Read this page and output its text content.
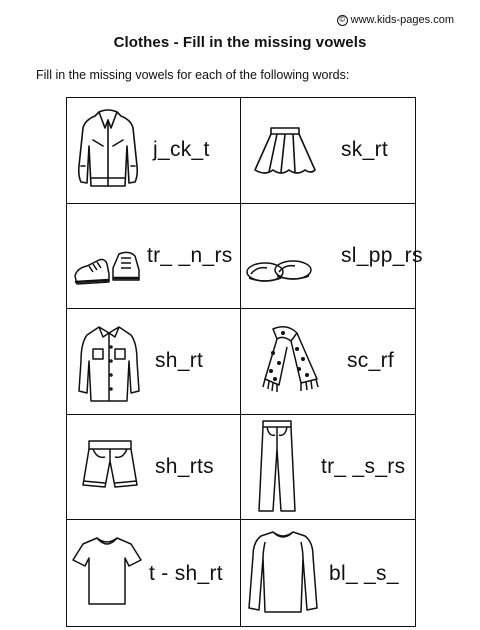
© www.kids-pages.com
Clothes - Fill in the missing vowels
Fill in the missing vowels for each of the following words:
j_ck_t	sk_rt
tr_ _n_rs	sl_pp_rs
sh_rt	sc_rf
sh_rts	tr_ _s_rs
t - sh_rt	bl_ _s_
